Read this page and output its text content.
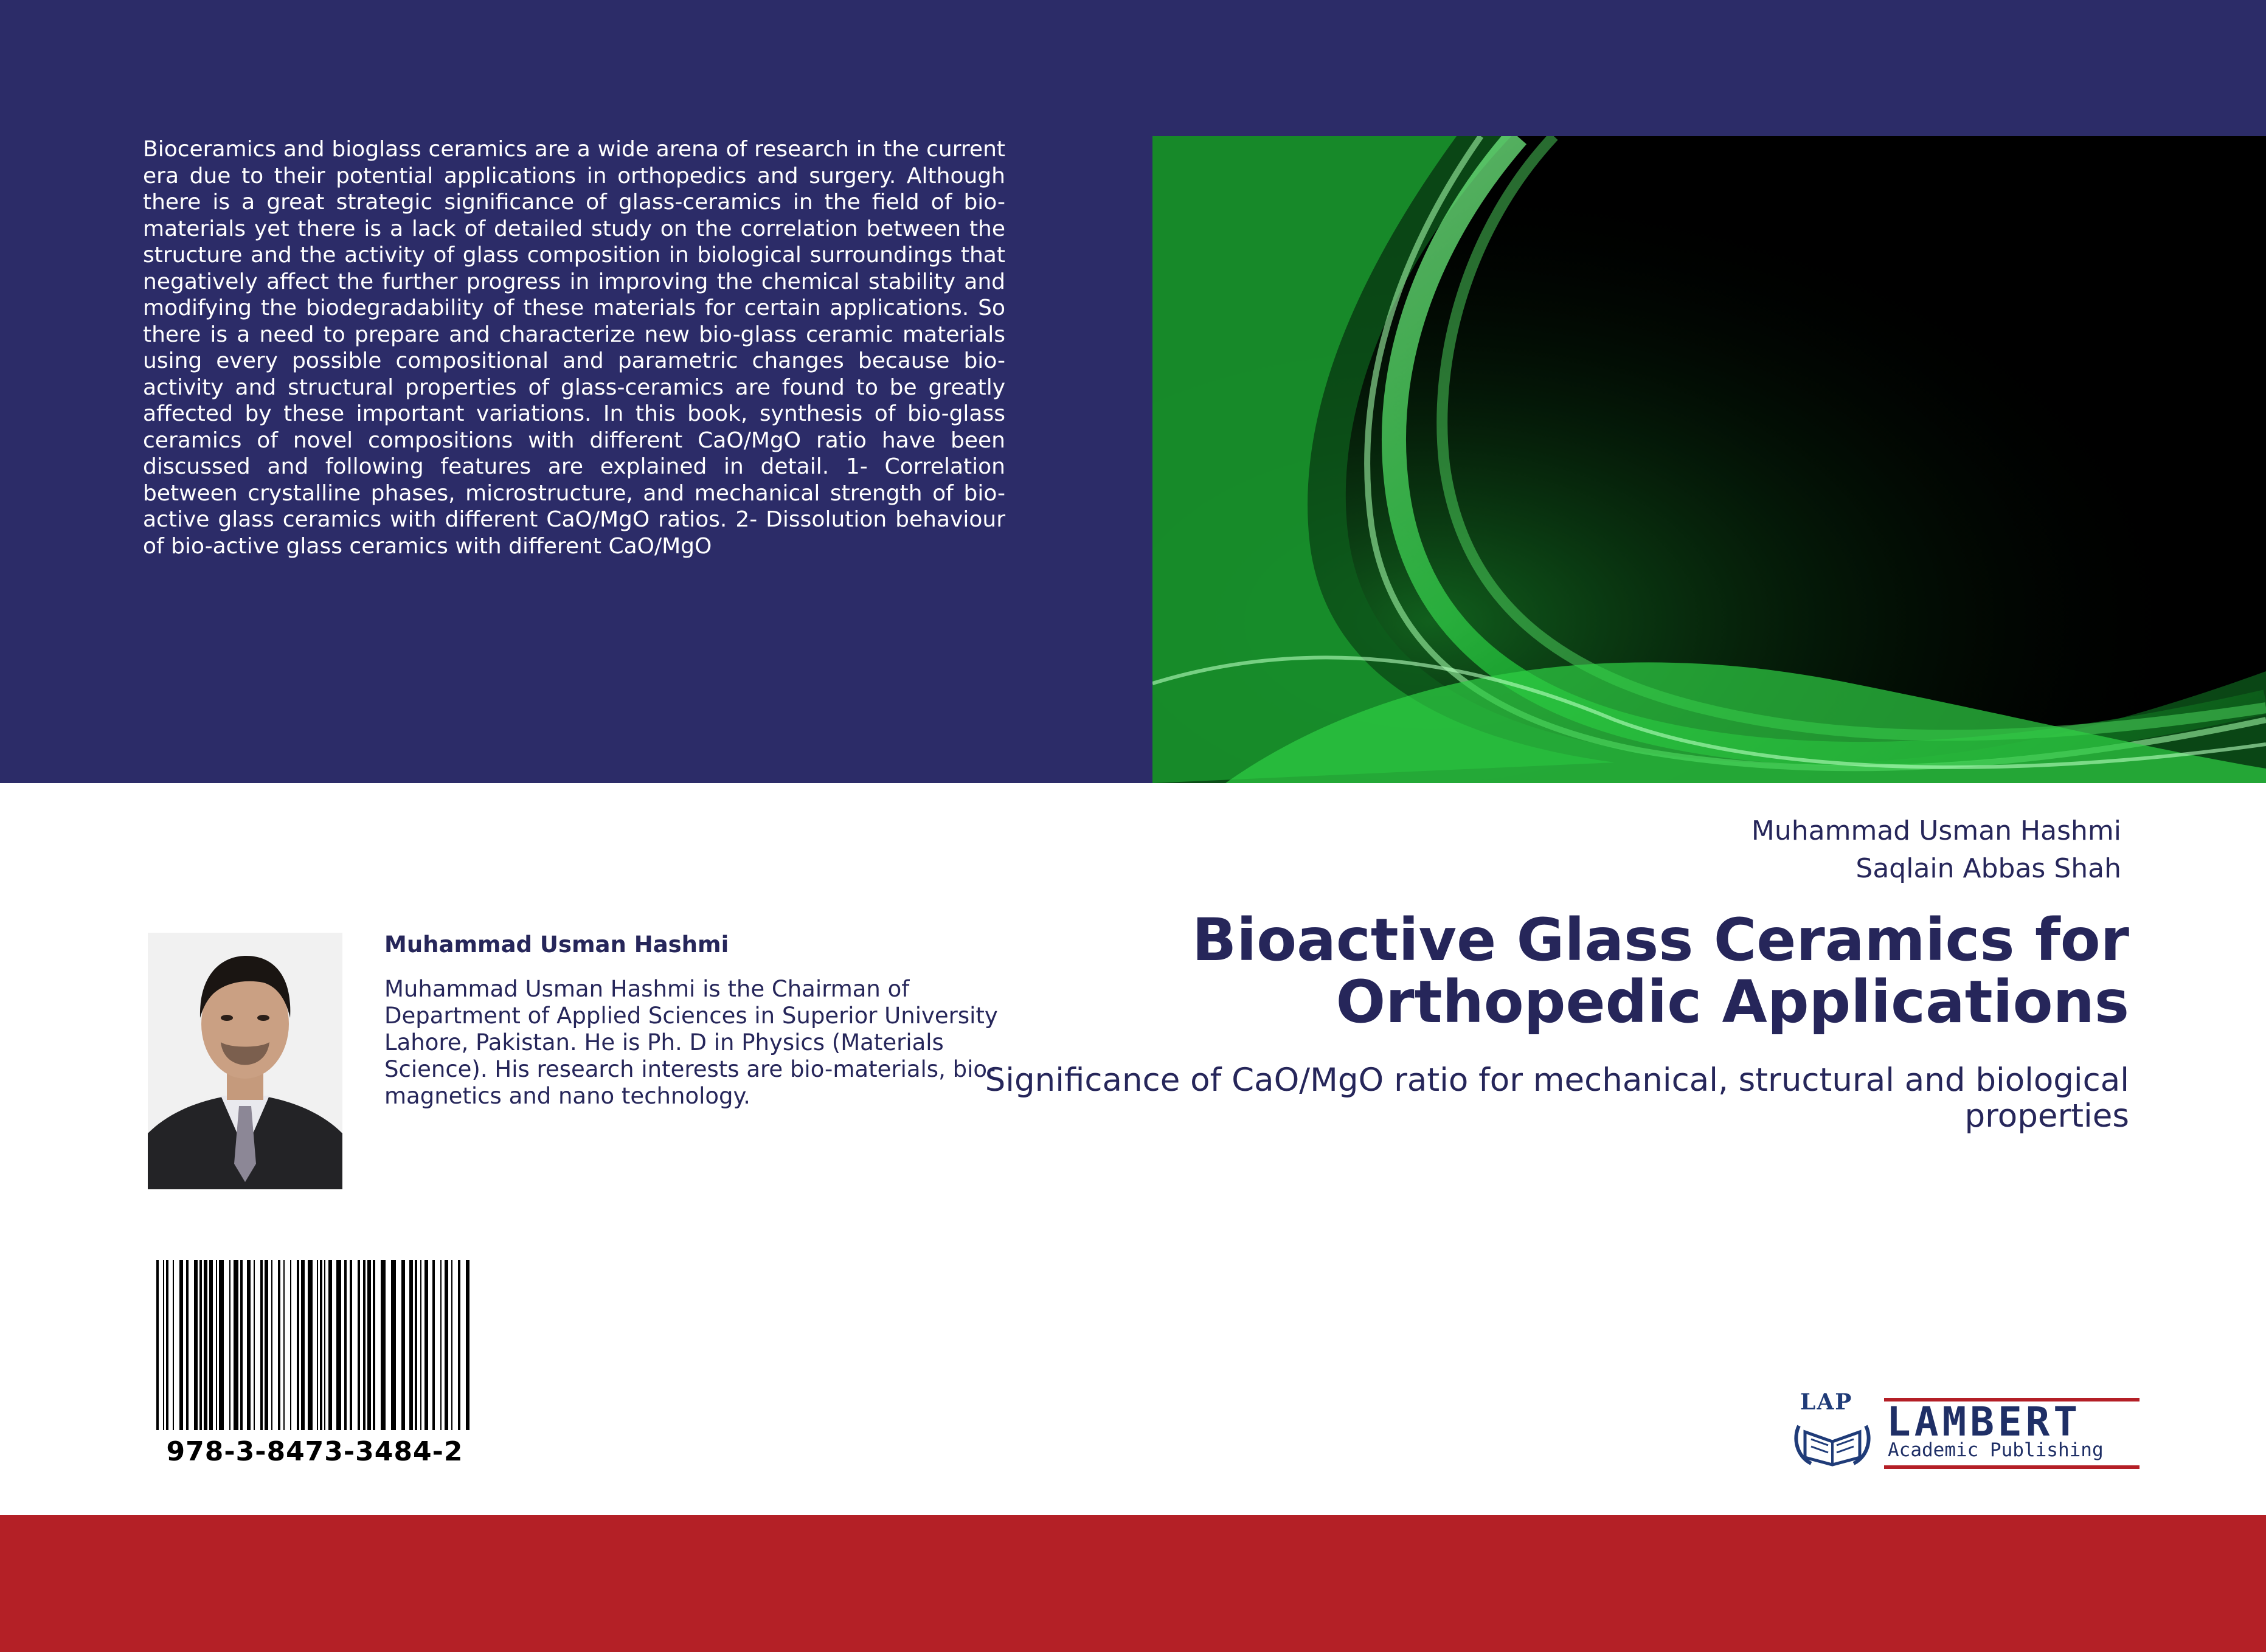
Bioceramics and bioglass ceramics are a wide arena of research in the current era due to their potential applications in orthopedics and surgery. Although there is a great strategic significance of glass-ceramics in the field of bio-materials yet there is a lack of detailed study on the correlation between the structure and the activity of glass composition in biological surroundings that negatively affect the further progress in improving the chemical stability and modifying the biodegradability of these materials for certain applications. So there is a need to prepare and characterize new bio-glass ceramic materials using every possible compositional and parametric changes because bio-activity and structural properties of glass-ceramics are found to be greatly affected by these important variations. In this book, synthesis of bio-glass ceramics of novel compositions with different CaO/MgO ratio have been discussed and following features are explained in detail. 1- Correlation between crystalline phases, microstructure, and mechanical strength of bio-active glass ceramics with different CaO/MgO ratios. 2- Dissolution behaviour of bio-active glass ceramics with different CaO/MgO
Muhammad Usman Hashmi
Saqlain Abbas Shah
Bioactive Glass Ceramics for Orthopedic Applications
Significance of CaO/MgO ratio for mechanical, structural and biological properties
Muhammad Usman Hashmi
Muhammad Usman Hashmi is the Chairman of Department of Applied Sciences in Superior University Lahore, Pakistan. He is Ph. D in Physics (Materials Science). His research interests are bio-materials, bio-magnetics and nano technology.
978-3-8473-3484-2
LAP LAMBERT
Academic Publishing
